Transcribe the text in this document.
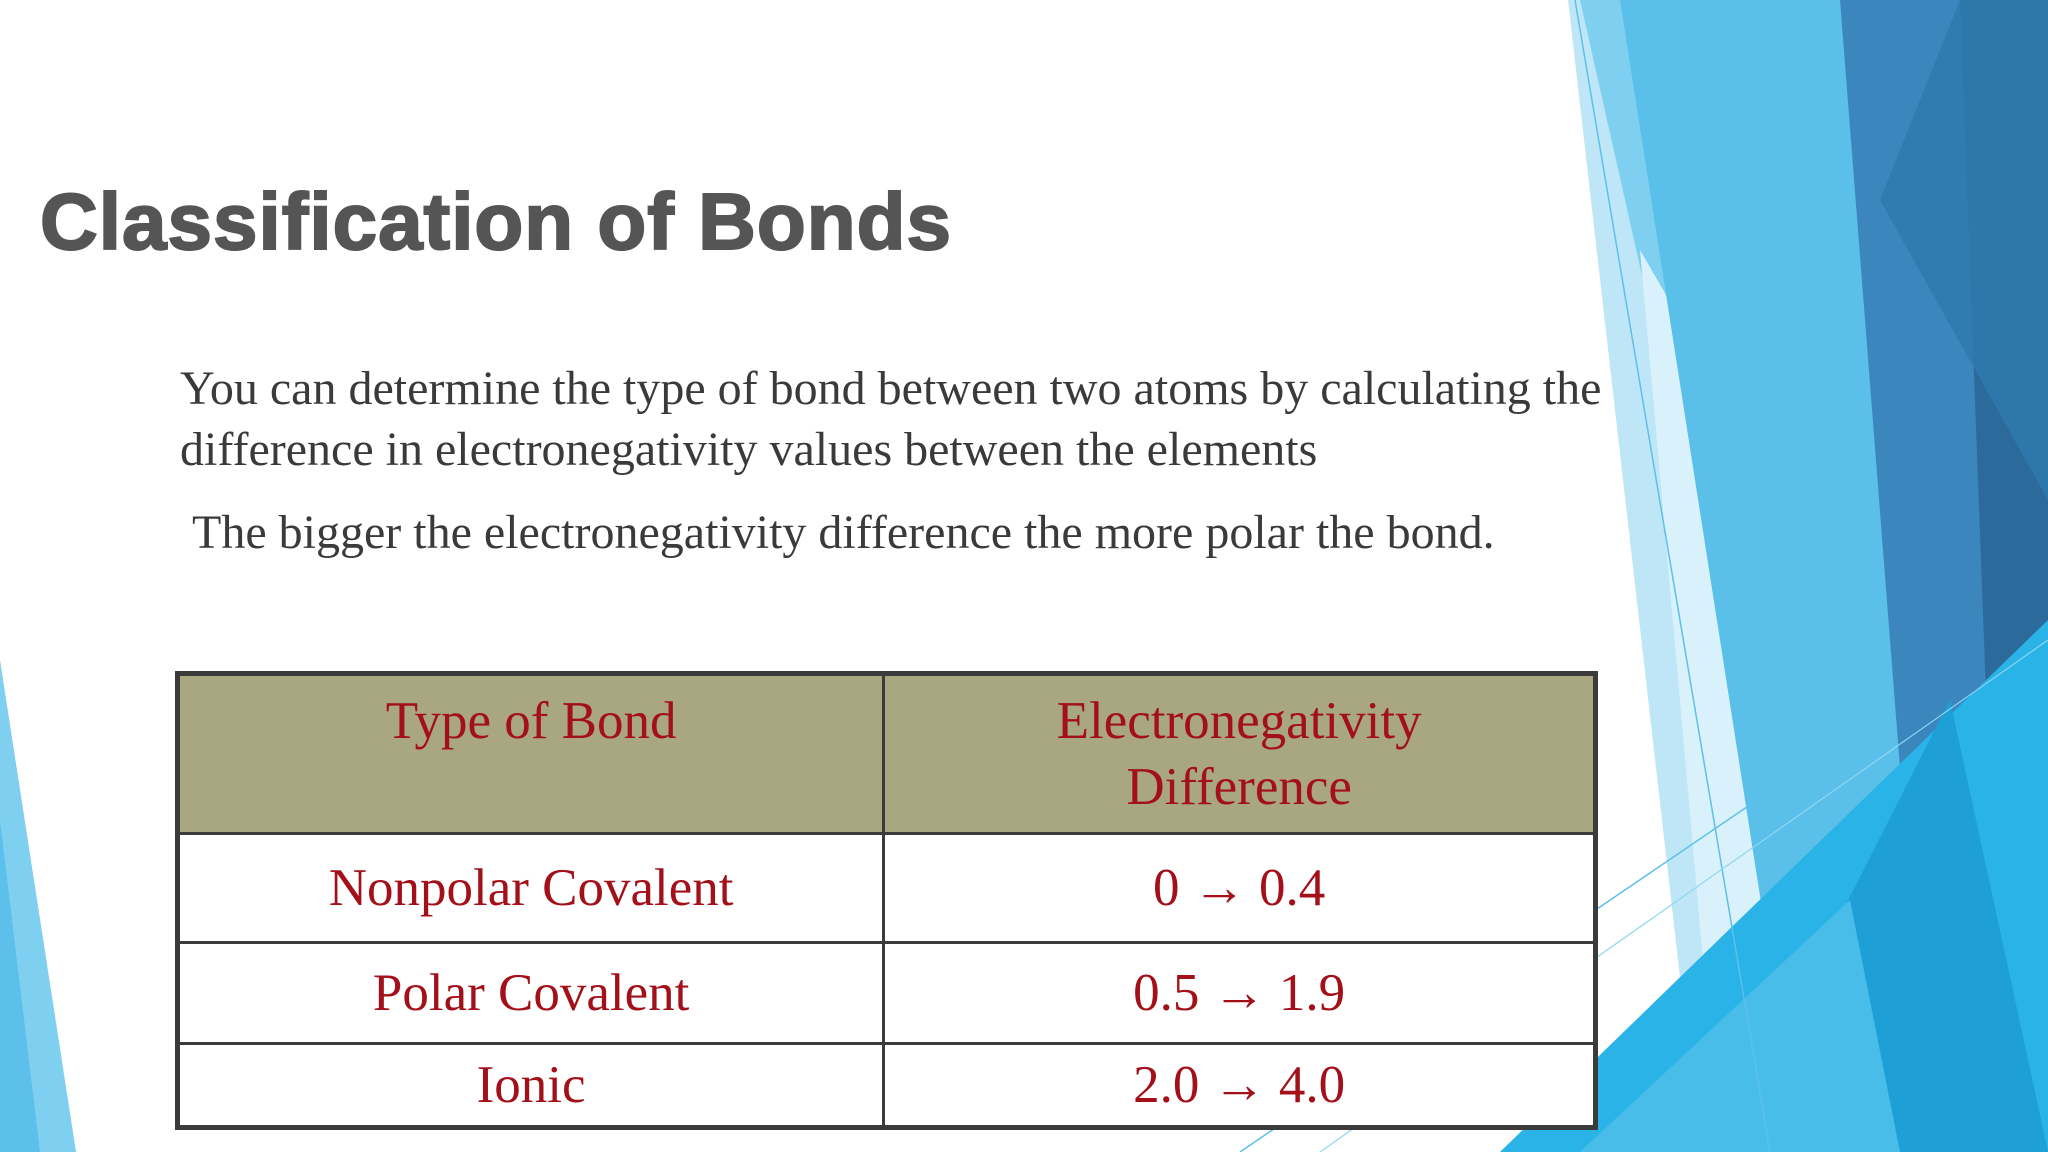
Classification of Bonds

You can determine the type of bond between two atoms by calculating the difference in electronegativity values between the elements

The bigger the electronegativity difference the more polar the bond.

Type of Bond	Electronegativity Difference
Nonpolar Covalent	0 → 0.4
Polar Covalent	0.5 → 1.9
Ionic	2.0 → 4.0
